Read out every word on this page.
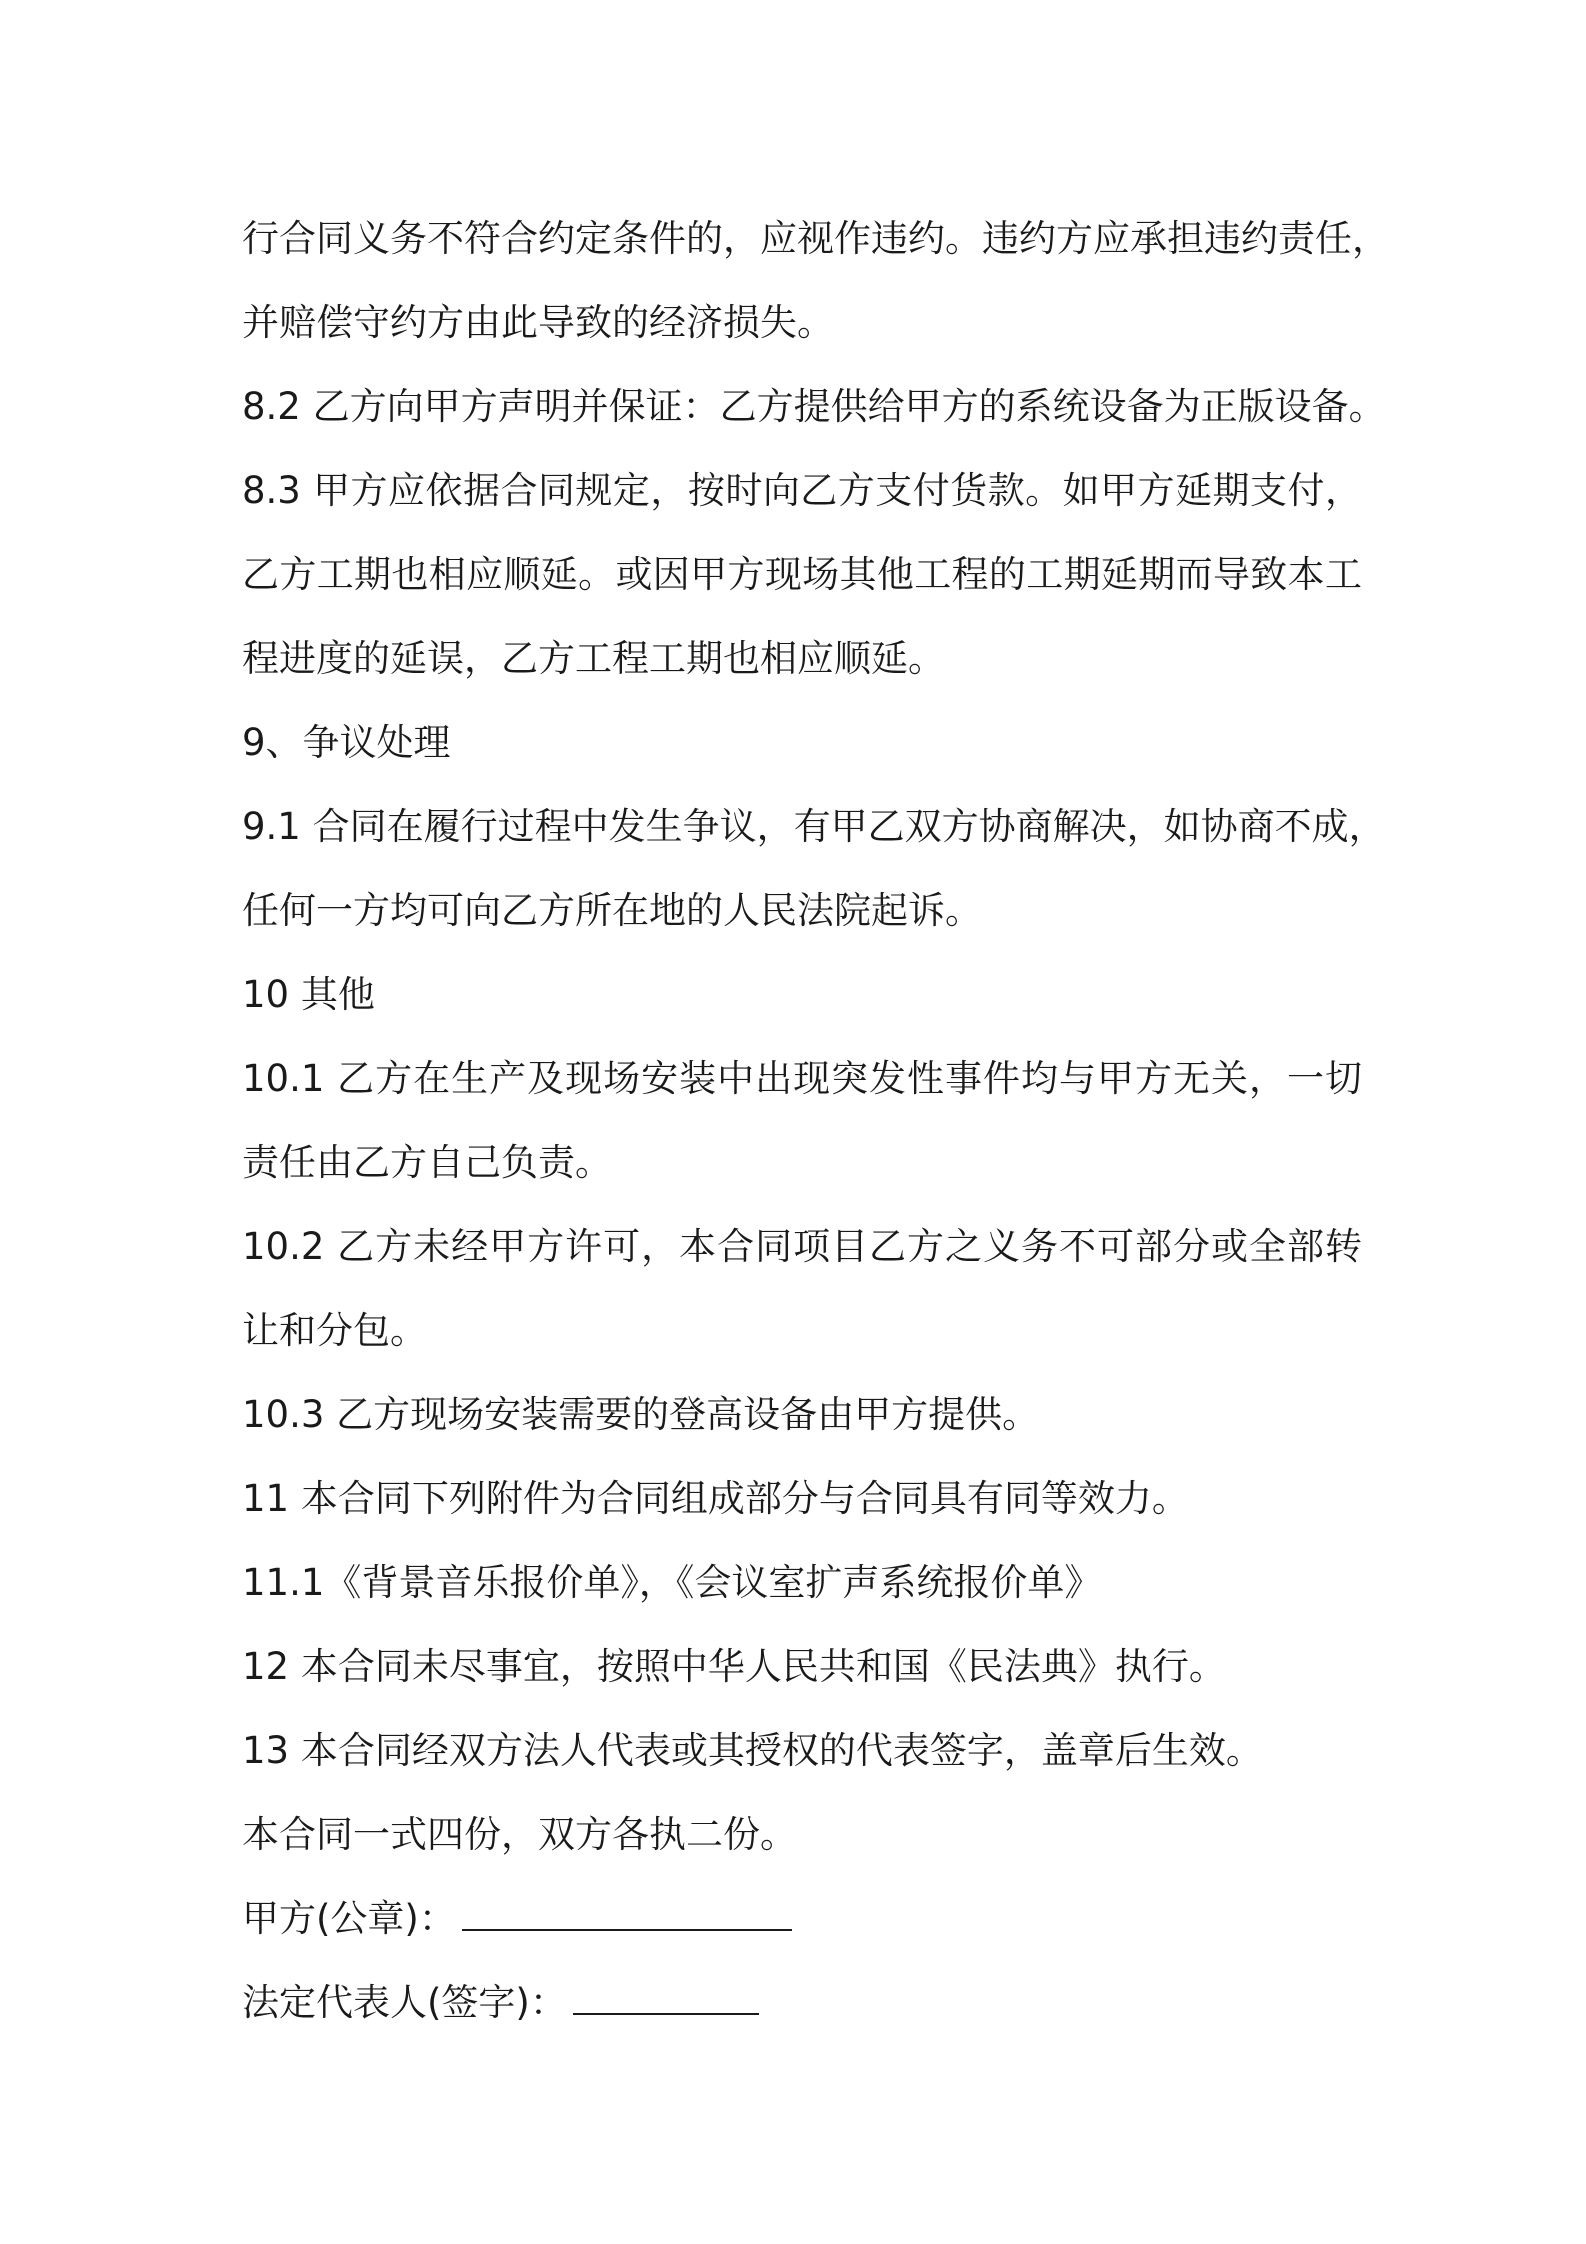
行合同义务不符合约定条件的，应视作违约。违约方应承担违约责任，
并赔偿守约方由此导致的经济损失。
8.2 乙方向甲方声明并保证：乙方提供给甲方的系统设备为正版设备。
8.3 甲方应依据合同规定，按时向乙方支付货款。如甲方延期支付，
乙方工期也相应顺延。或因甲方现场其他工程的工期延期而导致本工
程进度的延误，乙方工程工期也相应顺延。
9、争议处理
9.1 合同在履行过程中发生争议，有甲乙双方协商解决，如协商不成，
任何一方均可向乙方所在地的人民法院起诉。
10 其他
10.1 乙方在生产及现场安装中出现突发性事件均与甲方无关，一切
责任由乙方自己负责。
10.2 乙方未经甲方许可，本合同项目乙方之义务不可部分或全部转
让和分包。
10.3 乙方现场安装需要的登高设备由甲方提供。
11 本合同下列附件为合同组成部分与合同具有同等效力。
11.1《背景音乐报价单》，《会议室扩声系统报价单》
12 本合同未尽事宜，按照中华人民共和国《民法典》执行。
13 本合同经双方法人代表或其授权的代表签字，盖章后生效。
本合同一式四份，双方各执二份。
甲方(公章)：
法定代表人(签字)：
